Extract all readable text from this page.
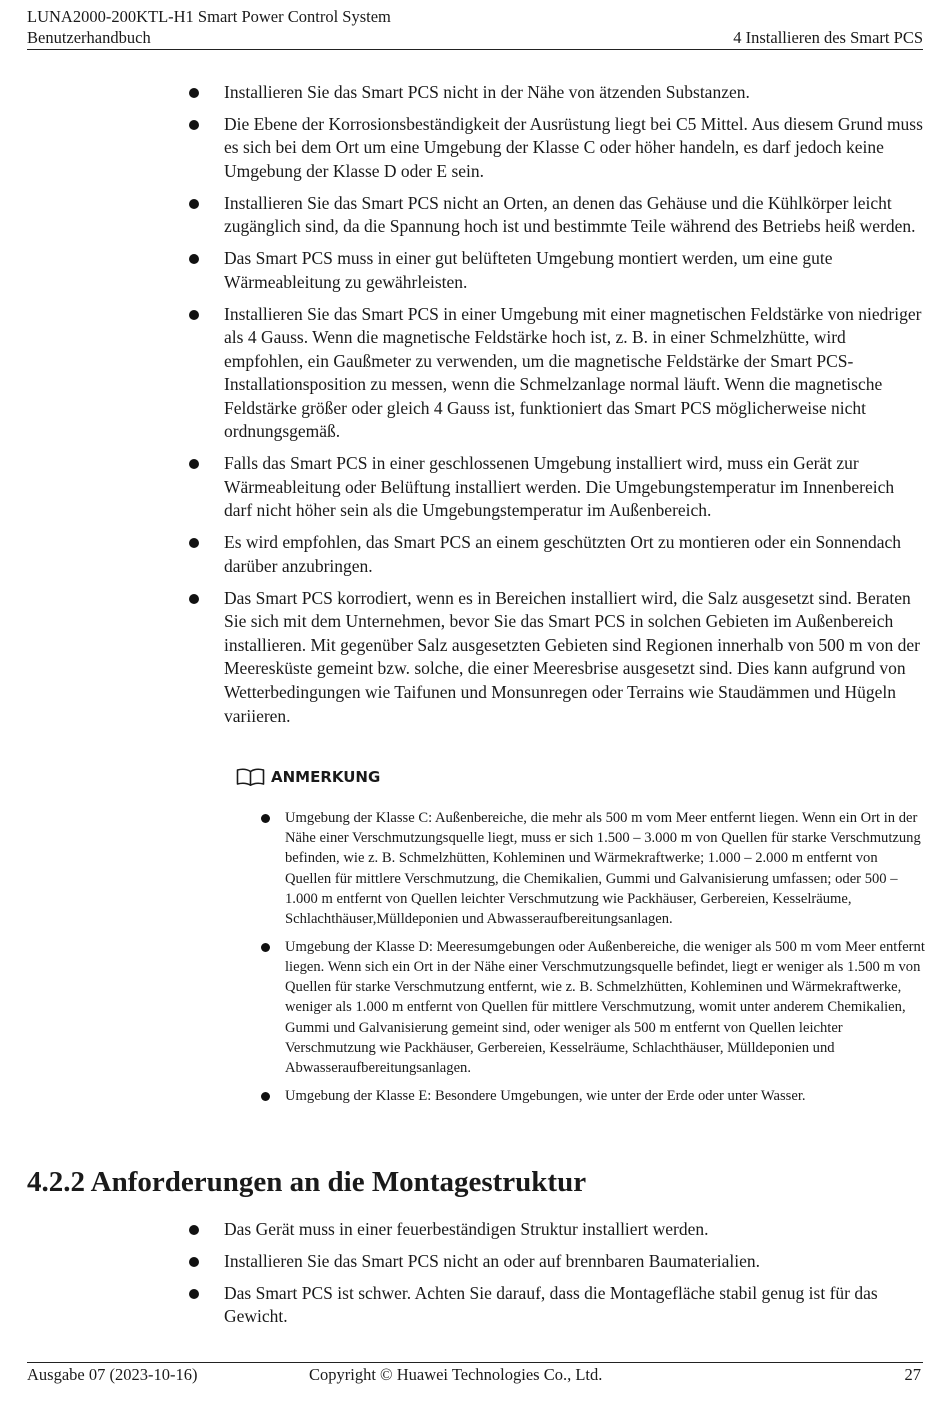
LUNA2000-200KTL-H1 Smart Power Control System
Benutzerhandbuch	4 Installieren des Smart PCS
Installieren Sie das Smart PCS nicht in der Nähe von ätzenden Substanzen.
Die Ebene der Korrosionsbeständigkeit der Ausrüstung liegt bei C5 Mittel. Aus diesem Grund muss es sich bei dem Ort um eine Umgebung der Klasse C oder höher handeln, es darf jedoch keine Umgebung der Klasse D oder E sein.
Installieren Sie das Smart PCS nicht an Orten, an denen das Gehäuse und die Kühlkörper leicht zugänglich sind, da die Spannung hoch ist und bestimmte Teile während des Betriebs heiß werden.
Das Smart PCS muss in einer gut belüfteten Umgebung montiert werden, um eine gute Wärmeableitung zu gewährleisten.
Installieren Sie das Smart PCS in einer Umgebung mit einer magnetischen Feldstärke von niedriger als 4 Gauss. Wenn die magnetische Feldstärke hoch ist, z. B. in einer Schmelzhütte, wird empfohlen, ein Gaußmeter zu verwenden, um die magnetische Feldstärke der Smart PCS-Installationsposition zu messen, wenn die Schmelzanlage normal läuft. Wenn die magnetische Feldstärke größer oder gleich 4 Gauss ist, funktioniert das Smart PCS möglicherweise nicht ordnungsgemäß.
Falls das Smart PCS in einer geschlossenen Umgebung installiert wird, muss ein Gerät zur Wärmeableitung oder Belüftung installiert werden. Die Umgebungstemperatur im Innenbereich darf nicht höher sein als die Umgebungstemperatur im Außenbereich.
Es wird empfohlen, das Smart PCS an einem geschützten Ort zu montieren oder ein Sonnendach darüber anzubringen.
Das Smart PCS korrodiert, wenn es in Bereichen installiert wird, die Salz ausgesetzt sind. Beraten Sie sich mit dem Unternehmen, bevor Sie das Smart PCS in solchen Gebieten im Außenbereich installieren. Mit gegenüber Salz ausgesetzten Gebieten sind Regionen innerhalb von 500 m von der Meeresküste gemeint bzw. solche, die einer Meeresbrise ausgesetzt sind. Dies kann aufgrund von Wetterbedingungen wie Taifunen und Monsunregen oder Terrains wie Staudämmen und Hügeln variieren.
ANMERKUNG
Umgebung der Klasse C: Außenbereiche, die mehr als 500 m vom Meer entfernt liegen. Wenn ein Ort in der Nähe einer Verschmutzungsquelle liegt, muss er sich 1.500 – 3.000 m von Quellen für starke Verschmutzung befinden, wie z. B. Schmelzhütten, Kohleminen und Wärmekraftwerke; 1.000 – 2.000 m entfernt von Quellen für mittlere Verschmutzung, die Chemikalien, Gummi und Galvanisierung umfassen; oder 500 – 1.000 m entfernt von Quellen leichter Verschmutzung wie Packhäuser, Gerbereien, Kesselräume, Schlachthäuser,Mülldeponien und Abwasseraufbereitungsanlagen.
Umgebung der Klasse D: Meeresumgebungen oder Außenbereiche, die weniger als 500 m vom Meer entfernt liegen. Wenn sich ein Ort in der Nähe einer Verschmutzungsquelle befindet, liegt er weniger als 1.500 m von Quellen für starke Verschmutzung entfernt, wie z. B. Schmelzhütten, Kohleminen und Wärmekraftwerke, weniger als 1.000 m entfernt von Quellen für mittlere Verschmutzung, womit unter anderem Chemikalien, Gummi und Galvanisierung gemeint sind, oder weniger als 500 m entfernt von Quellen leichter Verschmutzung wie Packhäuser, Gerbereien, Kesselräume, Schlachthäuser, Mülldeponien und Abwasseraufbereitungsanlagen.
Umgebung der Klasse E: Besondere Umgebungen, wie unter der Erde oder unter Wasser.
4.2.2 Anforderungen an die Montagestruktur
Das Gerät muss in einer feuerbeständigen Struktur installiert werden.
Installieren Sie das Smart PCS nicht an oder auf brennbaren Baumaterialien.
Das Smart PCS ist schwer. Achten Sie darauf, dass die Montagefläche stabil genug ist für das Gewicht.
Ausgabe 07 (2023-10-16)	Copyright © Huawei Technologies Co., Ltd.	27
